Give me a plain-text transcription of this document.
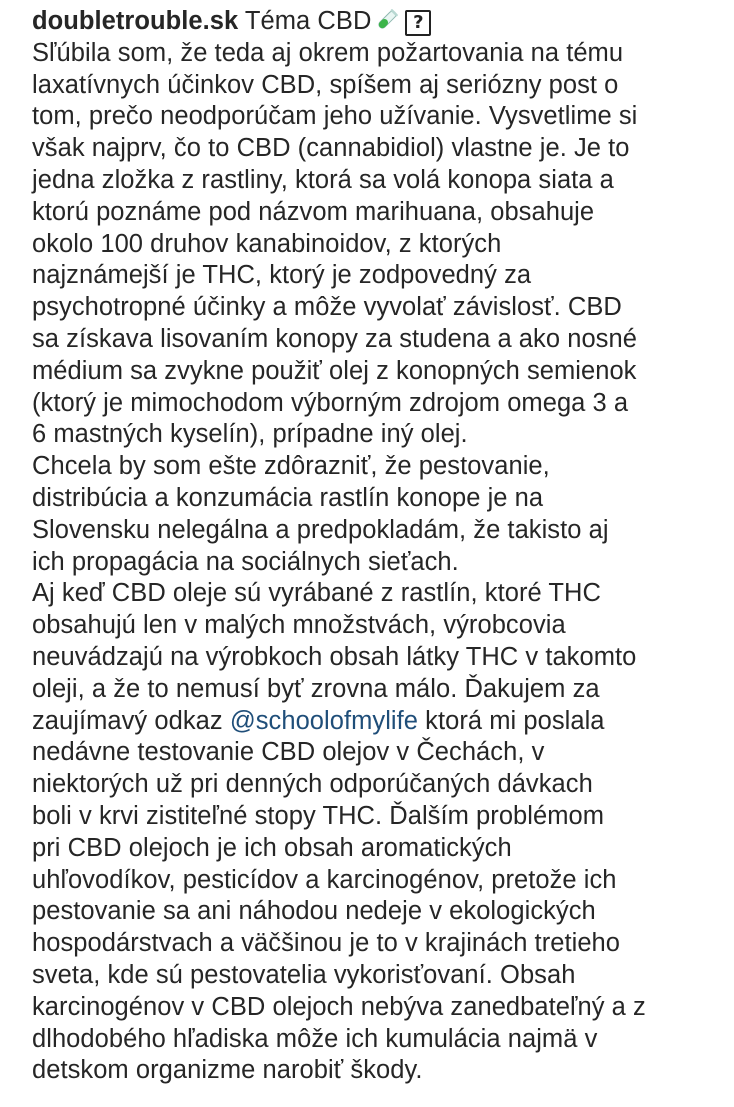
doubletrouble.sk Téma CBD ?
Sľúbila som, že teda aj okrem požartovania na tému
laxatívnych účinkov CBD, spíšem aj seriózny post o
tom, prečo neodporúčam jeho užívanie. Vysvetlime si
však najprv, čo to CBD (cannabidiol) vlastne je. Je to
jedna zložka z rastliny, ktorá sa volá konopa siata a
ktorú poznáme pod názvom marihuana, obsahuje
okolo 100 druhov kanabinoidov, z ktorých
najznámejší je THC, ktorý je zodpovedný za
psychotropné účinky a môže vyvolať závislosť. CBD
sa získava lisovaním konopy za studena a ako nosné
médium sa zvykne použiť olej z konopných semienok
(ktorý je mimochodom výborným zdrojom omega 3 a
6 mastných kyselín), prípadne iný olej.
Chcela by som ešte zdôrazniť, že pestovanie,
distribúcia a konzumácia rastlín konope je na
Slovensku nelegálna a predpokladám, že takisto aj
ich propagácia na sociálnych sieťach.
Aj keď CBD oleje sú vyrábané z rastlín, ktoré THC
obsahujú len v malých množstvách, výrobcovia
neuvádzajú na výrobkoch obsah látky THC v takomto
oleji, a že to nemusí byť zrovna málo. Ďakujem za
zaujímavý odkaz @schoolofmylife ktorá mi poslala
nedávne testovanie CBD olejov v Čechách, v
niektorých už pri denných odporúčaných dávkach
boli v krvi zistiteľné stopy THC. Ďalším problémom
pri CBD olejoch je ich obsah aromatických
uhľovodíkov, pesticídov a karcinogénov, pretože ich
pestovanie sa ani náhodou nedeje v ekologických
hospodárstvach a väčšinou je to v krajinách tretieho
sveta, kde sú pestovatelia vykorisťovaní. Obsah
karcinogénov v CBD olejoch nebýva zanedbateľný a z
dlhodobého hľadiska môže ich kumulácia najmä v
detskom organizme narobiť škody.
